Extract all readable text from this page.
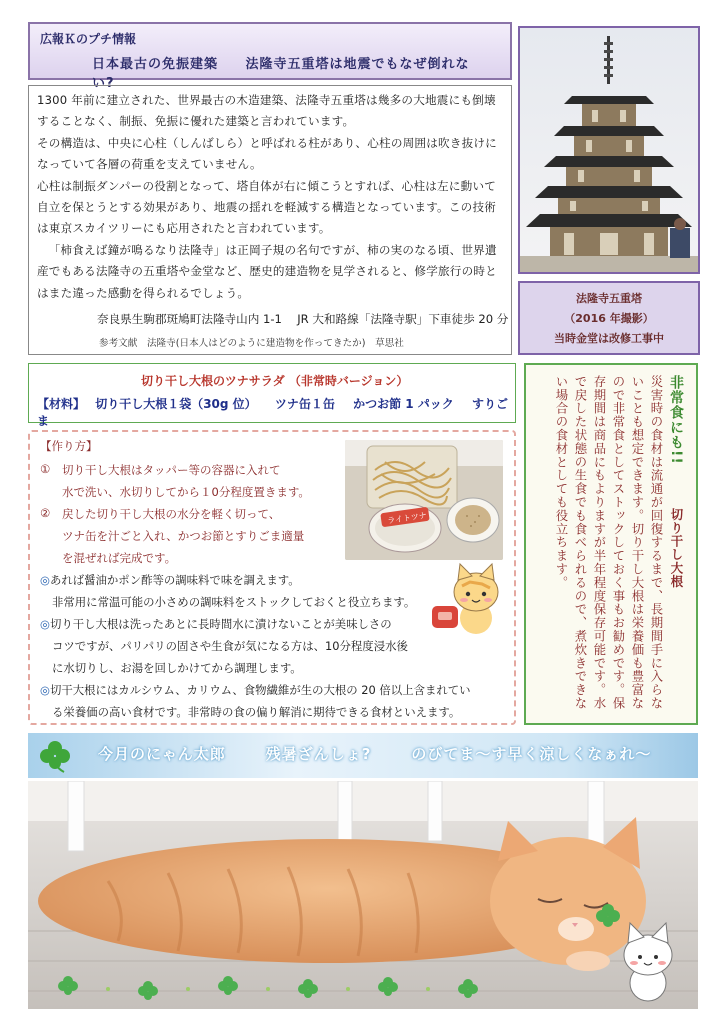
広報Ｋのプチ情報
日本最古の免振建築 法隆寺五重塔は地震でもなぜ倒れない?
1300 年前に建立された、世界最古の木造建築、法隆寺五重塔は幾多の大地震にも倒壊することなく、制振、免振に優れた建築と言われています。
その構造は、中央に心柱（しんばしら）と呼ばれる柱があり、心柱の周囲は吹き抜けになっていて各層の荷重を支えていません。
心柱は制振ダンパーの役割となって、塔自体が右に傾こうとすれば、心柱は左に動いて自立を保とうとする効果があり、地震の揺れを軽減する構造となっています。この技術は東京スカイツリーにも応用されたと言われています。
「柿食えば鐘が鳴るなり法隆寺」は正岡子規の名句ですが、柿の実のなる頃、世界遺産でもある法隆寺の五重塔や金堂など、歴史的建造物を見学されると、修学旅行の時とはまた違った感動を得られるでしょう。
奈良県生駒郡斑鳩町法隆寺山内 1-1　 JR 大和路線「法隆寺駅」下車徒歩 20 分
参考文献　法隆寺(日本人はどのように建造物を作ってきたか)　草思社
法隆寺五重塔
（2016 年撮影）
当時金堂は改修工事中
切り干し大根のツナサラダ （非常時バージョン）
【材料】 切り干し大根１袋（30g 位） ツナ缶１缶 かつお節 1 パック すりごま
【作り方】
① 切り干し大根はタッパー等の容器に入れて
水で洗い、水切りしてから１0分程度置きます。
② 戻した切り干し大根の水分を軽く切って、
ツナ缶を汁ごと入れ、かつお節とすりごま適量
を混ぜれば完成です。
◎あれば醤油かポン酢等の調味料で味を調えます。
非常用に常温可能の小さめの調味料をストックしておくと役立ちます。
◎切り干し大根は洗ったあとに長時間水に漬けないことが美味しさの
コツですが、パリパリの固さや生食が気になる方は、10分程度浸水後
に水切りし、お湯を回しかけてから調理します。
◎切干大根にはカルシウム、カリウム、食物繊維が生の大根の 20 倍以上含まれてい
る栄養価の高い食材です。非常時の食の偏り解消に期待できる食材といえます。
ライトツナ
非常食にも!!　切り干し大根
災害時の食材は流通が回復するまで、長期間手に入らないことも想定できます。切り干し大根は栄養価も豊富なので非常食としてストックしておく事もお勧めです。保存期間は商品にもよりますが半年程度保存可能です。水で戻した状態の生食でも食べられるので、煮炊きできない場合の食材としても役立ちます。
今月のにゃん太郎	残暑ざんしょ?	のびてま～す早く涼しくなぁれ～
